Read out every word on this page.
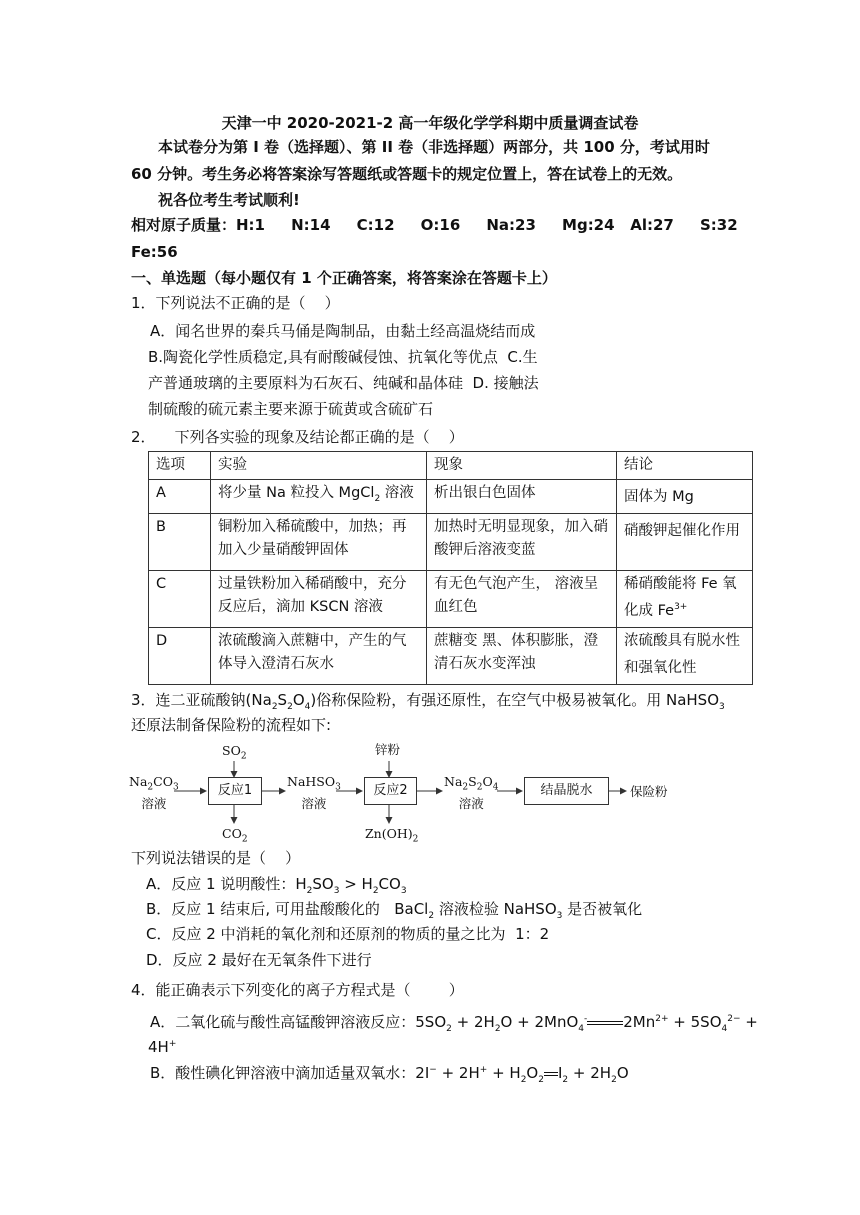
天津一中 2020-2021-2 高一年级化学学科期中质量调查试卷
本试卷分为第 I 卷（选择题）、第 II 卷（非选择题）两部分，共 100 分，考试用时
60 分钟。考生务必将答案涂写答题纸或答题卡的规定位置上，答在试卷上的无效。
祝各位考生考试顺利!
相对原子质量：H:1     N:14     C:12     O:16     Na:23     Mg:24   Al:27     S:32
Fe:56
一、单选题（每小题仅有 1 个正确答案，将答案涂在答题卡上）
1．下列说法不正确的是（    ）
A．闻名世界的秦兵马俑是陶制品，由黏土经高温烧结而成
B.陶瓷化学性质稳定,具有耐酸碱侵蚀、抗氧化等优点  C.生
产普通玻璃的主要原料为石灰石、纯碱和晶体硅  D. 接触法
制硫酸的硫元素主要来源于硫黄或含硫矿石
2．    下列各实验的现象及结论都正确的是（    ）
选项	实验	现象	结论
A	将少量 Na 粒投入 MgCl$_2$ 溶液	析出银白色固体	固体为 Mg
B	铜粉加入稀硫酸中，加热；再加入少量硝酸钾固体	加热时无明显现象，加入硝酸钾后溶液变蓝	硝酸钾起催化作用
C	过量铁粉加入稀硝酸中，充分反应后，滴加 KSCN 溶液	有无色气泡产生， 溶液呈血红色	稀硝酸能将 Fe 氧化成 $Fe^{3+}$
D	浓硫酸滴入蔗糖中，产生的气体导入澄清石灰水	蔗糖变 黑、体积膨胀，澄清石灰水变浑浊	浓硫酸具有脱水性和强氧化性
3．连二亚硫酸钠$(Na_2S_2O_4)$俗称保险粉，有强还原性，在空气中极易被氧化。用 NaHSO$_3$
还原法制备保险粉的流程如下:
$Na_2CO_3$
溶液
$SO_2$
反应1
$CO_2$
NaHSO$_3$
溶液
锌粉
反应2
$Zn(OH)_2$
$Na_2S_2O_4$
溶液
结晶脱水	保险粉
下列说法错误的是（    ）
A．反应 1 说明酸性：$H_2SO_3 > H_2CO_3$
B．反应 1 结束后, 可用盐酸酸化的   BaCl$_2$ 溶液检验 NaHSO$_3$ 是否被氧化
C．反应 2 中消耗的氧化剂和还原剂的物质的量之比为  1：2
D．反应 2 最好在无氧条件下进行
4．能正确表示下列变化的离子方程式是（        ）
A．二氧化硫与酸性高锰酸钾溶液反应：$5SO_2 + 2H_2O + 2MnO_4^-$ $2Mn^{2+} + 5SO_4^{2-}$ +
4H+
B．酸性碘化钾溶液中滴加适量双氧水：$2I^- + 2H^+ + H_2O_2$ $I_2 + 2H_2O$
